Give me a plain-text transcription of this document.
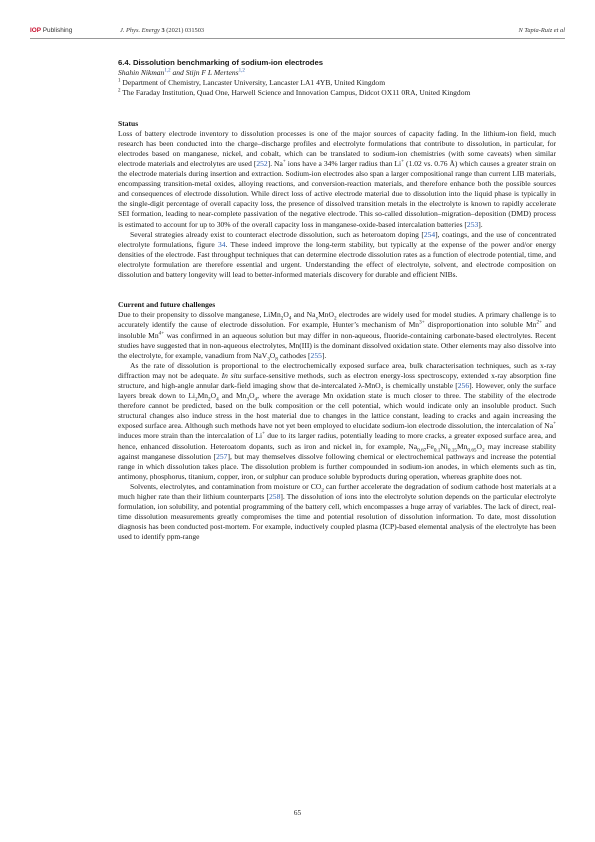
IOP Publishing	J. Phys. Energy 3 (2021) 031503	N Tapia-Ruiz et al

6.4. Dissolution benchmarking of sodium-ion electrodes

Shahin Nikman$^{1,2}$ and Stijn F L Mertens$^{1,2}$

$^1$ Department of Chemistry, Lancaster University, Lancaster LA1 4YB, United Kingdom

$^2$ The Faraday Institution, Quad One, Harwell Science and Innovation Campus, Didcot OX11 0RA, United Kingdom

Status

Loss of battery electrode inventory to dissolution processes is one of the major sources of capacity fading. In the lithium-ion field, much research has been conducted into the charge–discharge profiles and electrolyte formulations that contribute to dissolution, in particular, for electrodes based on manganese, nickel, and cobalt, which can be translated to sodium-ion chemistries (with some caveats) when similar electrode materials and electrolytes are used [252]. Na+ ions have a 34% larger radius than Li+ (1.02 vs. 0.76 Å) which causes a greater strain on the electrode materials during insertion and extraction. Sodium-ion electrodes also span a larger compositional range than current LIB materials, encompassing transition-metal oxides, alloying reactions, and conversion-reaction materials, and therefore enhance both the possible sources and consequences of electrode dissolution. While direct loss of active electrode material due to dissolution into the liquid phase is typically in the single-digit percentage of overall capacity loss, the presence of dissolved transition metals in the electrolyte is known to rapidly accelerate SEI formation, leading to near-complete passivation of the negative electrode. This so-called dissolution–migration–deposition (DMD) process is estimated to account for up to 30% of the overall capacity loss in manganese-oxide-based intercalation batteries [253].

Several strategies already exist to counteract electrode dissolution, such as heteroatom doping [254], coatings, and the use of concentrated electrolyte formulations, figure 34. These indeed improve the long-term stability, but typically at the expense of the power and/or energy densities of the electrode. Fast throughput techniques that can determine electrode dissolution rates as a function of electrode potential, time, and electrolyte formulation are therefore essential and urgent. Understanding the effect of electrolyte, solvent, and electrode composition on dissolution and battery longevity will lead to better-informed materials discovery for durable and efficient NIBs.

Current and future challenges

Due to their propensity to dissolve manganese, $LiMn_2O_4$ and $Na_xMnO_2$ electrodes are widely used for model studies. A primary challenge is to accurately identify the cause of electrode dissolution. For example, Hunter’s mechanism of $Mn^{3+}$ disproportionation into soluble $Mn^{2+}$ and insoluble $Mn^{4+}$ was confirmed in an aqueous solution but may differ in non-aqueous, fluoride-containing carbonate-based electrolytes. Recent studies have suggested that in non-aqueous electrolytes, Mn(III) is the dominant dissolved oxidation state. Other elements may also dissolve into the electrolyte, for example, vanadium from $NaV_3O_8$ cathodes [255].

As the rate of dissolution is proportional to the electrochemically exposed surface area, bulk characterisation techniques, such as x-ray diffraction may not be adequate. In situ surface-sensitive methods, such as electron energy-loss spectroscopy, extended x-ray absorption fine structure, and high-angle annular dark-field imaging show that de-intercalated λ-MnO$_2$ is chemically unstable [256]. However, only the surface layers break down to $Li_2Mn_2O_4$ and $Mn_3O_4$, where the average Mn oxidation state is much closer to three. The stability of the electrode therefore cannot be predicted, based on the bulk composition or the cell potential, which would indicate only an insoluble product. Such structural changes also induce stress in the host material due to changes in the lattice constant, leading to cracks and again increasing the exposed surface area. Although such methods have not yet been employed to elucidate sodium-ion electrode dissolution, the intercalation of Na+ induces more strain than the intercalation of Li+ due to its larger radius, potentially leading to more cracks, a greater exposed surface area, and hence, enhanced dissolution. Heteroatom dopants, such as iron and nickel in, for example, $Na_{0.67}Fe_{0.1}Ni_{0.15}Mn_{0.65}O_2$ may increase stability against manganese dissolution [257], but may themselves dissolve following chemical or electrochemical pathways and increase the potential range in which dissolution takes place. The dissolution problem is further compounded in sodium-ion anodes, in which elements such as tin, antimony, phosphorus, titanium, copper, iron, or sulphur can produce soluble byproducts during operation, whereas graphite does not.

Solvents, electrolytes, and contamination from moisture or $CO_2$ can further accelerate the degradation of sodium cathode host materials at a much higher rate than their lithium counterparts [258]. The dissolution of ions into the electrolyte solution depends on the particular electrolyte formulation, ion solubility, and potential programming of the battery cell, which encompasses a huge array of variables. The lack of direct, real-time dissolution measurements greatly compromises the time and potential resolution of dissolution information. To date, most dissolution diagnosis has been conducted post-mortem. For example, inductively coupled plasma (ICP)-based elemental analysis of the electrolyte has been used to identify ppm-range

65
